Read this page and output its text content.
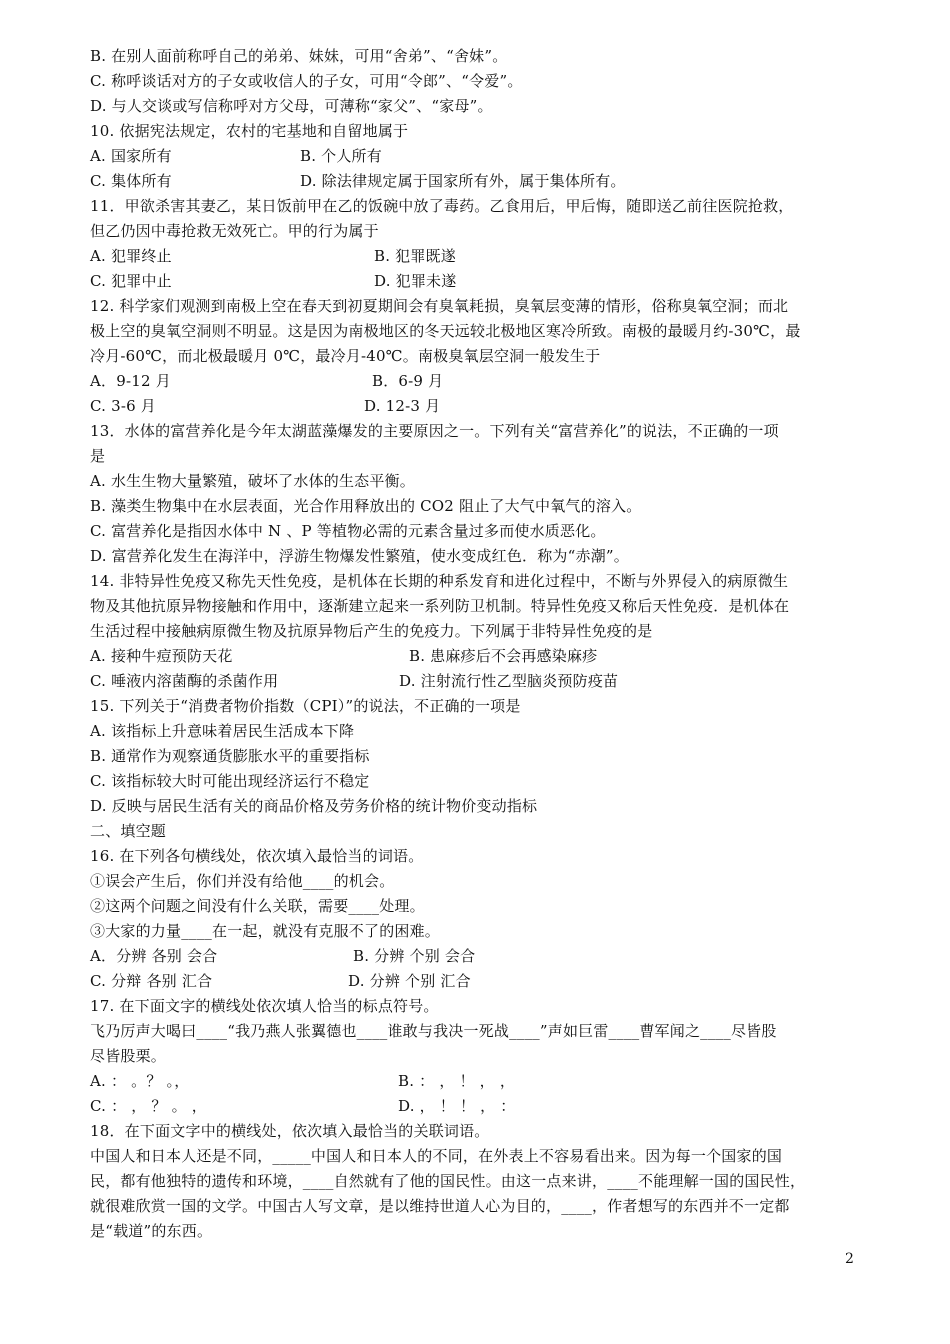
B. 在别人面前称呼自己的弟弟、妹妹，可用“舍弟”、“舍妹”。
C. 称呼谈话对方的子女或收信人的子女，可用“令郎”、“令爱”。
D. 与人交谈或写信称呼对方父母，可薄称“家父”、“家母”。
10. 依据宪法规定，农村的宅基地和自留地属于
A. 国家所有	B. 个人所有
C. 集体所有	D. 除法律规定属于国家所有外，属于集体所有。
11．甲欲杀害其妻乙，某日饭前甲在乙的饭碗中放了毒药。乙食用后，甲后悔，随即送乙前往医院抢救，
但乙仍因中毒抢救无效死亡。甲的行为属于
A. 犯罪终止	B. 犯罪既遂
C. 犯罪中止	D. 犯罪未遂
12. 科学家们观测到南极上空在春天到初夏期间会有臭氧耗损，臭氧层变薄的情形，俗称臭氧空洞；而北
极上空的臭氧空洞则不明显。这是因为南极地区的冬天远较北极地区寒冷所致。南极的最暖月约-30℃，最
冷月-60℃，而北极最暖月 0℃，最冷月-40℃。南极臭氧层空洞一般发生于
A．9-12 月	B．6-9 月
C. 3-6 月	D. 12-3 月
13．水体的富营养化是今年太湖蓝藻爆发的主要原因之一。下列有关“富营养化”的说法，不正确的一项
是
A. 水生生物大量繁殖，破坏了水体的生态平衡。
B. 藻类生物集中在水层表面，光合作用释放出的 CO2 阻止了大气中氧气的溶入。
C. 富营养化是指因水体中 N 、P 等植物必需的元素含量过多而使水质恶化。
D. 富营养化发生在海洋中，浮游生物爆发性繁殖，使水变成红色．称为“赤潮”。
14. 非特异性免疫又称先天性免疫，是机体在长期的种系发育和进化过程中，不断与外界侵入的病原微生
物及其他抗原异物接触和作用中，逐渐建立起来一系列防卫机制。特异性免疫又称后天性免疫．是机体在
生活过程中接触病原微生物及抗原异物后产生的免疫力。下列属于非特异性免疫的是
A. 接种牛痘预防天花	B. 患麻疹后不会再感染麻疹
C. 唾液内溶菌酶的杀菌作用	D. 注射流行性乙型脑炎预防疫苗
15. 下列关于“消费者物价指数（CPI）”的说法，不正确的一项是
A. 该指标上升意味着居民生活成本下降
B. 通常作为观察通货膨胀水平的重要指标
C. 该指标较大时可能出现经济运行不稳定
D. 反映与居民生活有关的商品价格及劳务价格的统计物价变动指标
二、填空题
16. 在下列各句横线处，依次填入最恰当的词语。
①误会产生后，你们并没有给他____的机会。
②这两个问题之间没有什么关联，需要____处理。
③大家的力量____在一起，就没有克服不了的困难。
A．分辨 各别 会合	B. 分辨 个别 会合
C. 分辩 各别 汇合	D. 分辨 个别 汇合
17. 在下面文字的横线处依次填人恰当的标点符号。
飞乃厉声大喝曰____“我乃燕人张翼德也____谁敢与我决一死战____”声如巨雷____曹军闻之____尽皆股
尽皆股栗。
A. ： 。？ 。，	B. ： ， ！ ， ，
C. ： ， ？ 。 ，	D. ， ！ ！ ， ：
18．在下面文字中的横线处，依次填入最恰当的关联词语。
中国人和日本人还是不同，_____中国人和日本人的不同，在外表上不容易看出来。因为每一个国家的国
民，都有他独特的遗传和环境，____自然就有了他的国民性。由这一点来讲，____不能理解一国的国民性，
就很难欣赏一国的文学。中国古人写文章，是以维持世道人心为目的，____，作者想写的东西并不一定都
是“载道”的东西。
2
